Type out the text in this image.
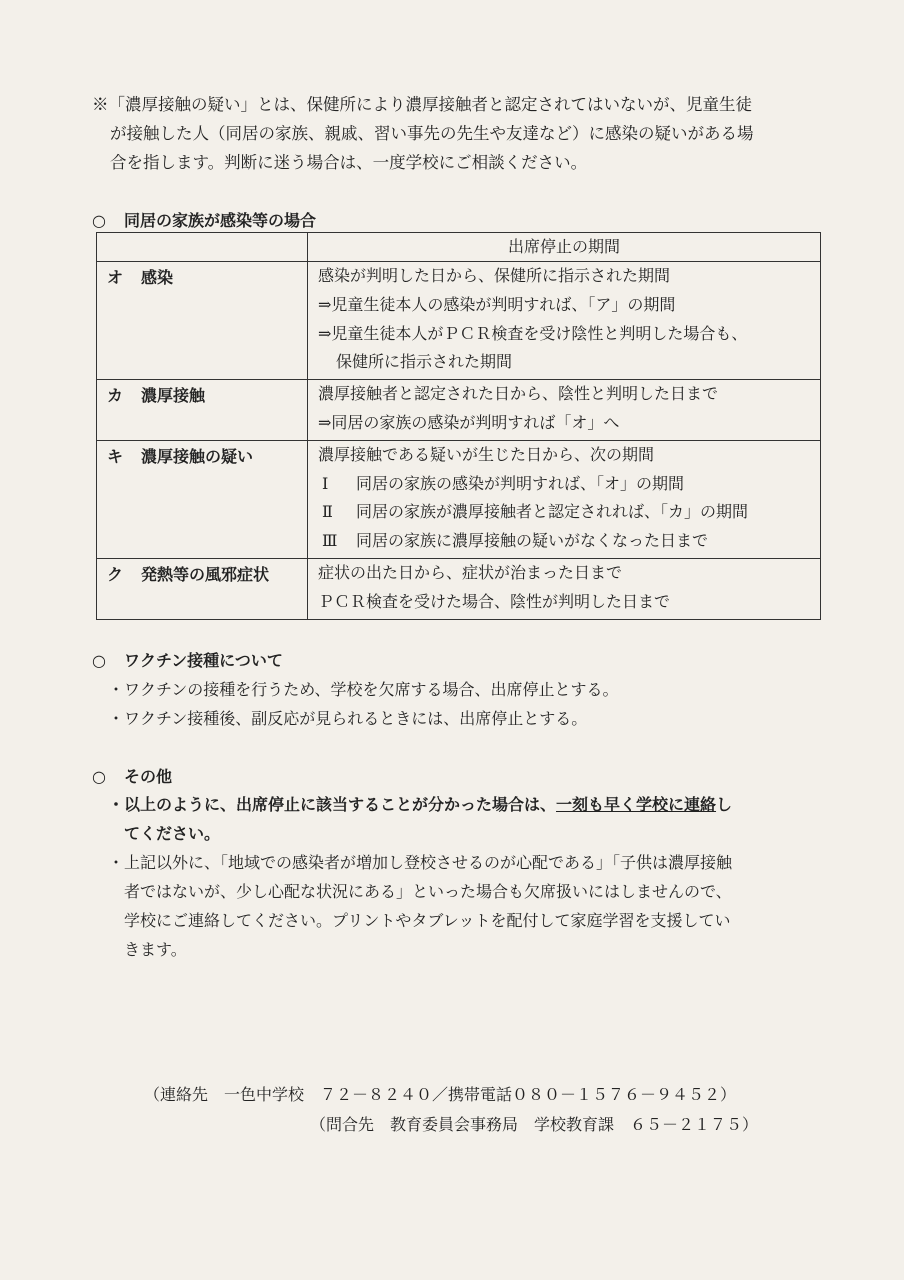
※「濃厚接触の疑い」とは、保健所により濃厚接触者と認定されてはいないが、児童生徒
が接触した人（同居の家族、親戚、習い事先の先生や友達など）に感染の疑いがある場
合を指します。判断に迷う場合は、一度学校にご相談ください。
○ 同居の家族が感染等の場合
	出席停止の期間
オ 感染	感染が判明した日から、保健所に指示された期間
⇒児童生徒本人の感染が判明すれば、「ア」の期間
⇒児童生徒本人がＰＣＲ検査を受け陰性と判明した場合も、
保健所に指示された期間

カ 濃厚接触	濃厚接触者と認定された日から、陰性と判明した日まで
⇒同居の家族の感染が判明すれば「オ」へ

キ 濃厚接触の疑い	濃厚接触である疑いが生じた日から、次の期間
Ⅰ 同居の家族の感染が判明すれば、「オ」の期間
Ⅱ 同居の家族が濃厚接触者と認定されれば、「カ」の期間
Ⅲ 同居の家族に濃厚接触の疑いがなくなった日まで

ク 発熱等の風邪症状	症状の出た日から、症状が治まった日まで
ＰＣＲ検査を受けた場合、陰性が判明した日まで
○ ワクチン接種について
・ワクチンの接種を行うため、学校を欠席する場合、出席停止とする。
・ワクチン接種後、副反応が見られるときには、出席停止とする。
○ その他
・以上のように、出席停止に該当することが分かった場合は、一刻も早く学校に連絡し
てください。
・上記以外に、「地域での感染者が増加し登校させるのが心配である」「子供は濃厚接触
者ではないが、少し心配な状況にある」といった場合も欠席扱いにはしませんので、
学校にご連絡してください。プリントやタブレットを配付して家庭学習を支援してい
きます。
（連絡先　一色中学校　７２－８２４０／携帯電話０８０－１５７６－９４５２）
（問合先　教育委員会事務局　学校教育課　６５－２１７５）
